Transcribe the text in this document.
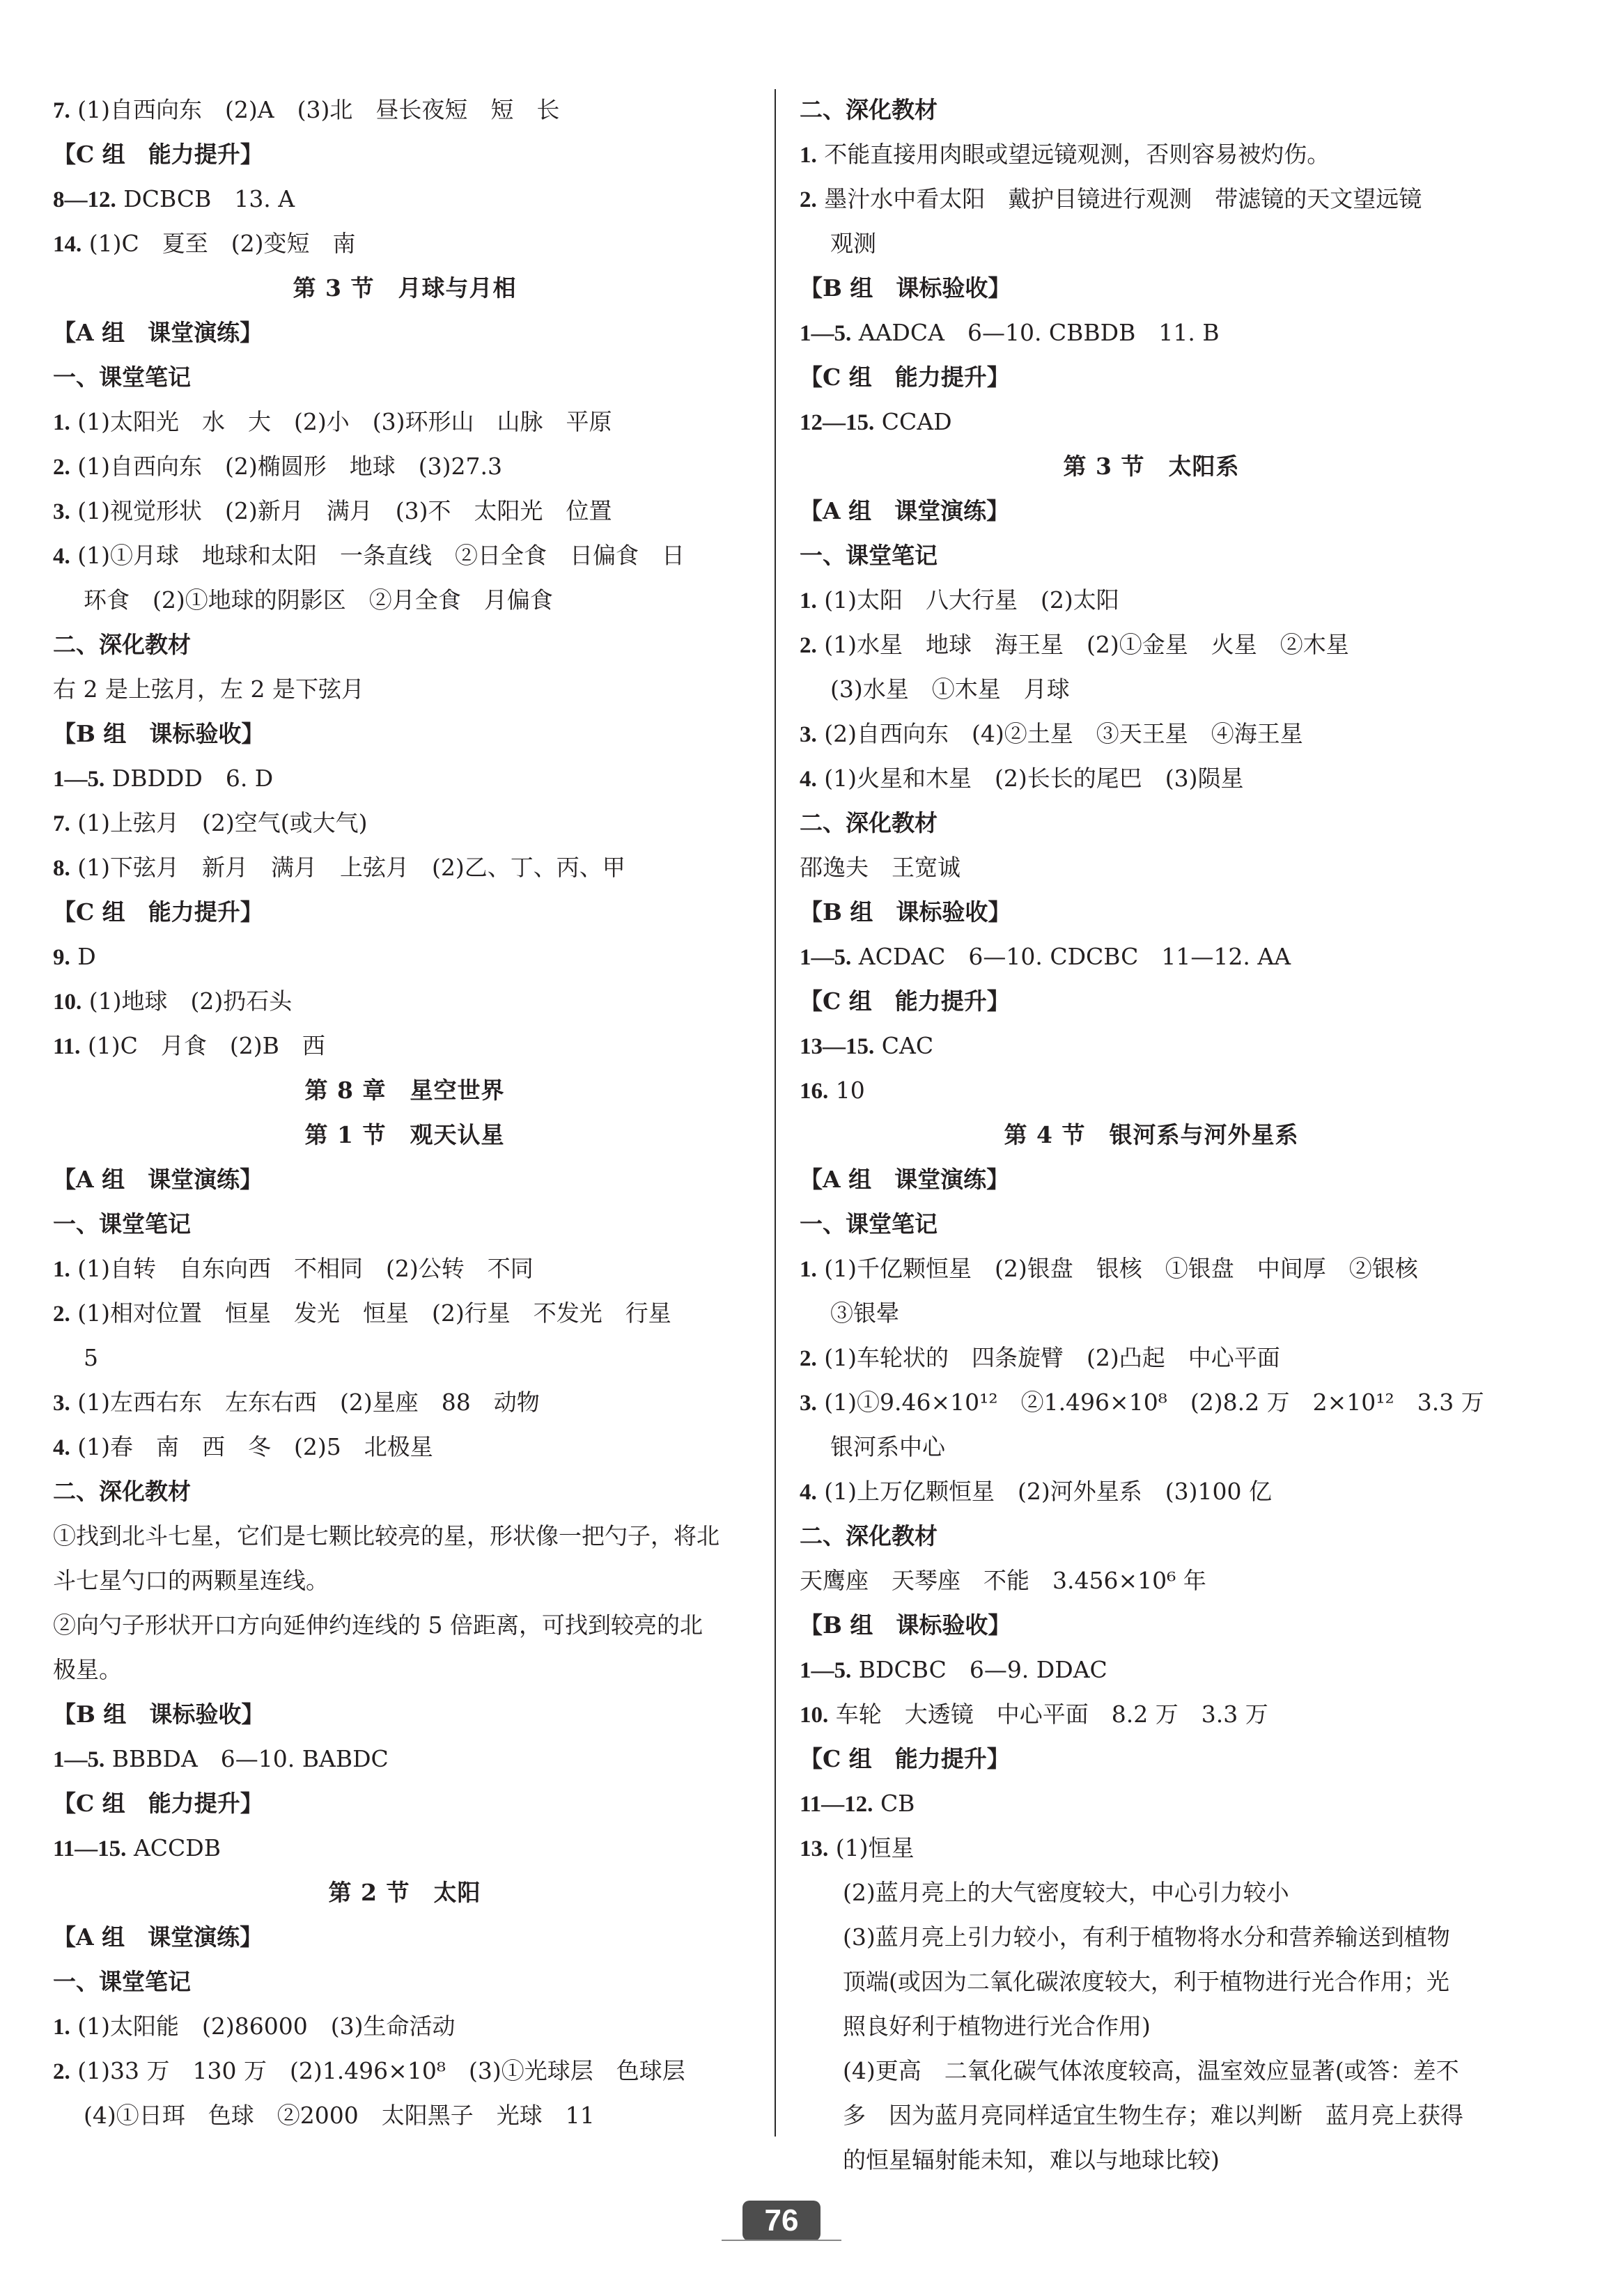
7. (1)自西向东　(2)A　(3)北　昼长夜短　短　长
【C 组　能力提升】
8—12. DCBCB　13. A
14. (1)C　夏至　(2)变短　南
第 3 节　月球与月相
【A 组　课堂演练】
一、课堂笔记
1. (1)太阳光　水　大　(2)小　(3)环形山　山脉　平原
2. (1)自西向东　(2)椭圆形　地球　(3)27.3
3. (1)视觉形状　(2)新月　满月　(3)不　太阳光　位置
4. (1)①月球　地球和太阳　一条直线　②日全食　日偏食　日
环食　(2)①地球的阴影区　②月全食　月偏食
二、深化教材
右 2 是上弦月，左 2 是下弦月
【B 组　课标验收】
1—5. DBDDD　6. D
7. (1)上弦月　(2)空气(或大气)
8. (1)下弦月　新月　满月　上弦月　(2)乙、丁、丙、甲
【C 组　能力提升】
9. D
10. (1)地球　(2)扔石头
11. (1)C　月食　(2)B　西
第 8 章　星空世界
第 1 节　观天认星
【A 组　课堂演练】
一、课堂笔记
1. (1)自转　自东向西　不相同　(2)公转　不同
2. (1)相对位置　恒星　发光　恒星　(2)行星　不发光　行星
5
3. (1)左西右东　左东右西　(2)星座　88　动物
4. (1)春　南　西　冬　(2)5　北极星
二、深化教材
①找到北斗七星，它们是七颗比较亮的星，形状像一把勺子，将北
斗七星勺口的两颗星连线。
②向勺子形状开口方向延伸约连线的 5 倍距离，可找到较亮的北
极星。
【B 组　课标验收】
1—5. BBBDA　6—10. BABDC
【C 组　能力提升】
11—15. ACCDB
第 2 节　太阳
【A 组　课堂演练】
一、课堂笔记
1. (1)太阳能　(2)86000　(3)生命活动
2. (1)33 万　130 万　(2)1.496×10⁸　(3)①光球层　色球层
(4)①日珥　色球　②2000　太阳黑子　光球　11
二、深化教材
1. 不能直接用肉眼或望远镜观测，否则容易被灼伤。
2. 墨汁水中看太阳　戴护目镜进行观测　带滤镜的天文望远镜
观测
【B 组　课标验收】
1—5. AADCA　6—10. CBBDB　11. B
【C 组　能力提升】
12—15. CCAD
第 3 节　太阳系
【A 组　课堂演练】
一、课堂笔记
1. (1)太阳　八大行星　(2)太阳
2. (1)水星　地球　海王星　(2)①金星　火星　②木星
(3)水星　①木星　月球
3. (2)自西向东　(4)②土星　③天王星　④海王星
4. (1)火星和木星　(2)长长的尾巴　(3)陨星
二、深化教材
邵逸夫　王宽诚
【B 组　课标验收】
1—5. ACDAC　6—10. CDCBC　11—12. AA
【C 组　能力提升】
13—15. CAC
16. 10
第 4 节　银河系与河外星系
【A 组　课堂演练】
一、课堂笔记
1. (1)千亿颗恒星　(2)银盘　银核　①银盘　中间厚　②银核
③银晕
2. (1)车轮状的　四条旋臂　(2)凸起　中心平面
3. (1)①9.46×10¹²　②1.496×10⁸　(2)8.2 万　2×10¹²　3.3 万
银河系中心
4. (1)上万亿颗恒星　(2)河外星系　(3)100 亿
二、深化教材
天鹰座　天琴座　不能　3.456×10⁶ 年
【B 组　课标验收】
1—5. BDCBC　6—9. DDAC
10. 车轮　大透镜　中心平面　8.2 万　3.3 万
【C 组　能力提升】
11—12. CB
13. (1)恒星
(2)蓝月亮上的大气密度较大，中心引力较小
(3)蓝月亮上引力较小，有利于植物将水分和营养输送到植物
顶端(或因为二氧化碳浓度较大，利于植物进行光合作用；光
照良好利于植物进行光合作用)
(4)更高　二氧化碳气体浓度较高，温室效应显著(或答：差不
多　因为蓝月亮同样适宜生物生存；难以判断　蓝月亮上获得
的恒星辐射能未知，难以与地球比较)
76
